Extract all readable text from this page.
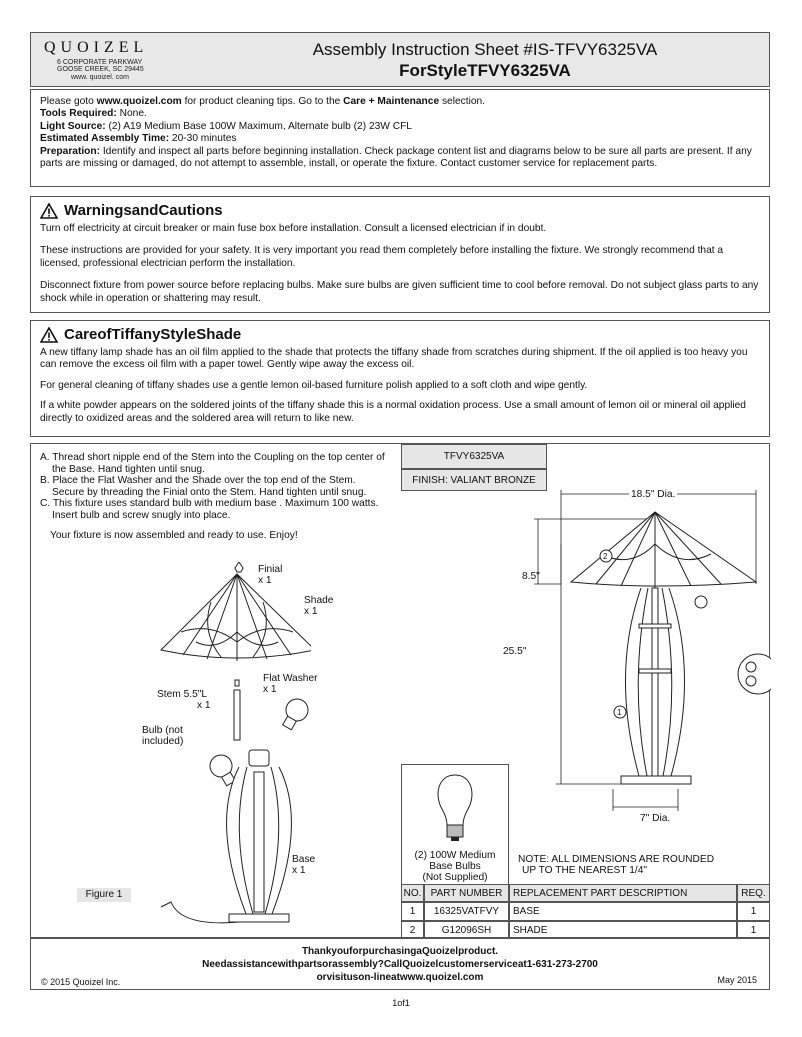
QUOIZEL
6 CORPORATE PARKWAY
GOOSE CREEK, SC 29445
www. quoizel. com
Assembly Instruction Sheet #IS-TFVY6325VA
ForStyleTFVY6325VA
Please goto www.quoizel.com for product cleaning tips. Go to the Care + Maintenance selection.
Tools Required: None.
Light Source: (2) A19 Medium Base 100W Maximum, Alternate bulb (2) 23W CFL
Estimated Assembly Time: 20-30 minutes
Preparation: Identify and inspect all parts before beginning installation. Check package content list and diagrams below to be sure all parts are present. If any parts are missing or damaged, do not attempt to assemble, install, or operate the fixture. Contact customer service for replacement parts.
WarningsandCautions

Turn off electricity at circuit breaker or main fuse box before installation. Consult a licensed electrician if in doubt.

These instructions are provided for your safety. It is very important you read them completely before installing the fixture. We strongly recommend that a licensed, professional electrician perform the installation.

Disconnect fixture from power source before replacing bulbs. Make sure bulbs are given sufficient time to cool before removal. Do not subject glass parts to any shock while in operation or shattering may result.

CareofTiffanyStyleShade

A new tiffany lamp shade has an oil film applied to the shade that protects the tiffany shade from scratches during shipment. If the oil applied is too heavy you can remove the excess oil film with a paper towel. Gently wipe away the excess oil.

For general cleaning of tiffany shades use a gentle lemon oil-based furniture polish applied to a soft cloth and wipe gently.

If a white powder appears on the soldered joints of the tiffany shade this is a normal oxidation process. Use a small amount of lemon oil or mineral oil applied directly to oxidized areas and the soldered area will return to like new.

A. Thread short nipple end of the Stem into the Coupling on the top center of the Base. Hand tighten until snug.
B. Place the Flat Washer and the Shade over the top end of the Stem. Secure by threading the Finial onto the Stem. Hand tighten until snug.
C. This fixture uses standard bulb with medium base . Maximum 100 watts. Insert bulb and screw snugly into place.
Your fixture is now assembled and ready to use. Enjoy!
Finial
x 1
Shade
x 1
Flat Washer
x 1
Stem 5.5"L
x 1
Bulb (not
included)
Base
x 1
Figure 1
TFVY6325VA
FINISH: VALIANT BRONZE
18.5" Dia.
8.5"
25.5"
7" Dia.
2
1
(2) 100W Medium
Base Bulbs
(Not Supplied)
NOTE: ALL DIMENSIONS ARE ROUNDED
UP TO THE NEAREST 1/4"
NO. PART NUMBER	REPLACEMENT PART DESCRIPTION	REQ.
1	16325VATFVY	BASE	1
2	G12096SH	SHADE	1
ThankyouforpurchasingaQuoizelproduct.
Needassistancewithpartsorassembly?CallQuoizelcustomerserviceat1-631-273-2700
orvisituson-lineatwww.quoizel.com
© 2015 Quoizel Inc.	May 2015
1of1
